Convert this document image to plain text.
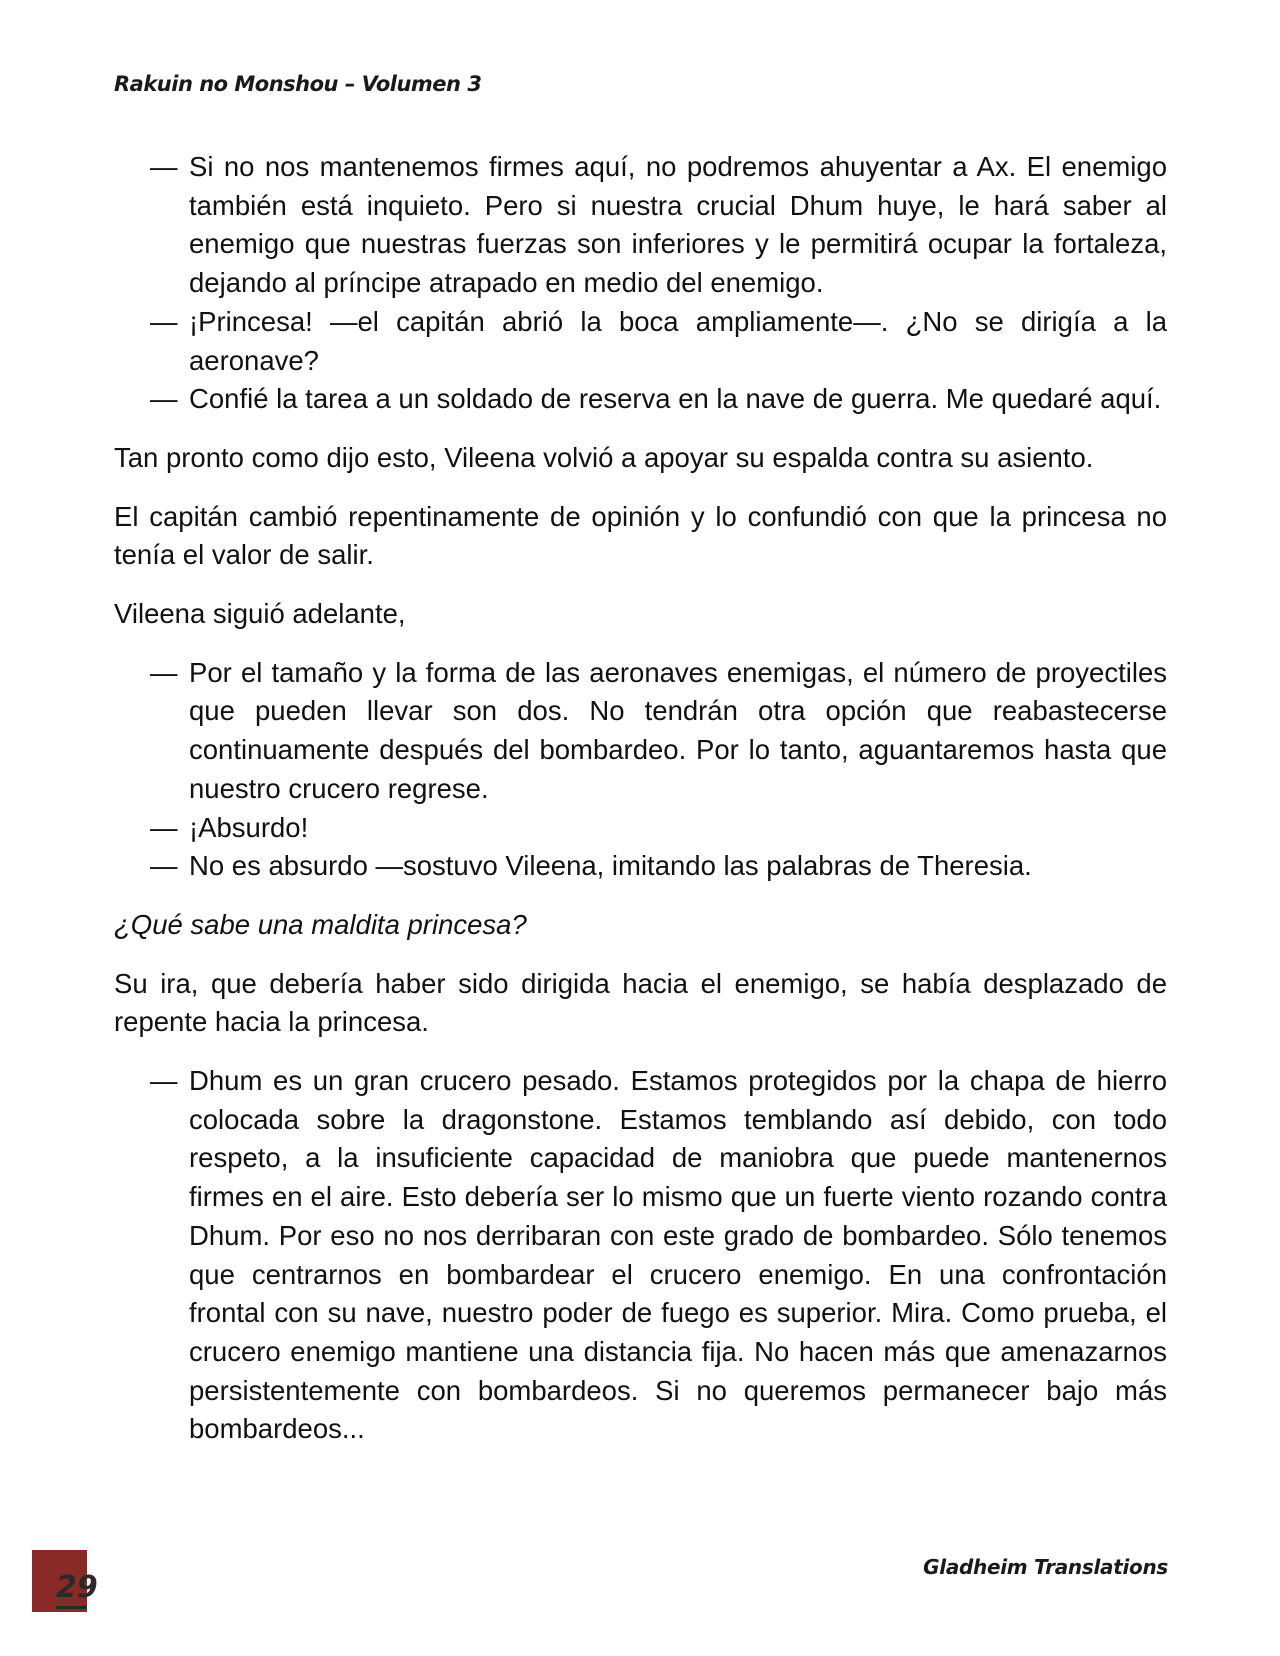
Rakuin no Monshou – Volumen 3
— Si no nos mantenemos firmes aquí, no podremos ahuyentar a Ax. El enemigo también está inquieto. Pero si nuestra crucial Dhum huye, le hará saber al enemigo que nuestras fuerzas son inferiores y le permitirá ocupar la fortaleza, dejando al príncipe atrapado en medio del enemigo.
— ¡Princesa! —el capitán abrió la boca ampliamente—. ¿No se dirigía a la aeronave?
— Confié la tarea a un soldado de reserva en la nave de guerra. Me quedaré aquí.

Tan pronto como dijo esto, Vileena volvió a apoyar su espalda contra su asiento.

El capitán cambió repentinamente de opinión y lo confundió con que la princesa no tenía el valor de salir.

Vileena siguió adelante,

— Por el tamaño y la forma de las aeronaves enemigas, el número de proyectiles que pueden llevar son dos. No tendrán otra opción que reabastecerse continuamente después del bombardeo. Por lo tanto, aguantaremos hasta que nuestro crucero regrese.
— ¡Absurdo!
— No es absurdo —sostuvo Vileena, imitando las palabras de Theresia.

¿Qué sabe una maldita princesa?

Su ira, que debería haber sido dirigida hacia el enemigo, se había desplazado de repente hacia la princesa.

— Dhum es un gran crucero pesado. Estamos protegidos por la chapa de hierro colocada sobre la dragonstone. Estamos temblando así debido, con todo respeto, a la insuficiente capacidad de maniobra que puede mantenernos firmes en el aire. Esto debería ser lo mismo que un fuerte viento rozando contra Dhum. Por eso no nos derribaran con este grado de bombardeo. Sólo tenemos que centrarnos en bombardear el crucero enemigo. En una confrontación frontal con su nave, nuestro poder de fuego es superior. Mira. Como prueba, el crucero enemigo mantiene una distancia fija. No hacen más que amenazarnos persistentemente con bombardeos. Si no queremos permanecer bajo más bombardeos...
29
Gladheim Translations
